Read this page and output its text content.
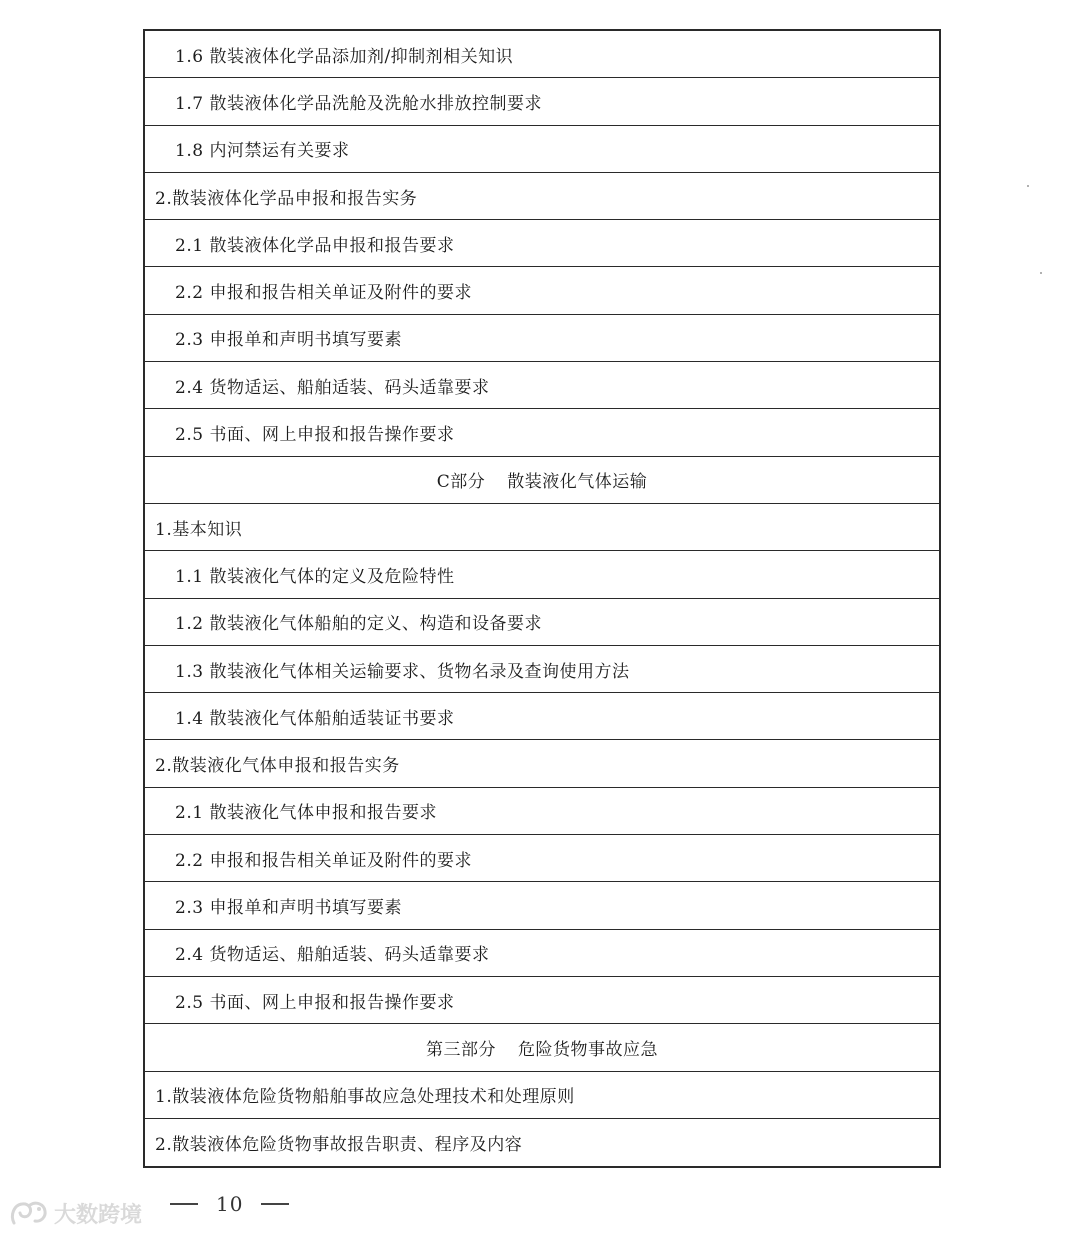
1.6 散装液体化学品添加剂/抑制剂相关知识
1.7 散装液体化学品洗舱及洗舱水排放控制要求
1.8 内河禁运有关要求
2.散装液体化学品申报和报告实务
2.1 散装液体化学品申报和报告要求
2.2 申报和报告相关单证及附件的要求
2.3 申报单和声明书填写要素
2.4 货物适运、船舶适装、码头适靠要求
2.5 书面、网上申报和报告操作要求
C部分 散装液化气体运输
1.基本知识
1.1 散装液化气体的定义及危险特性
1.2 散装液化气体船舶的定义、构造和设备要求
1.3 散装液化气体相关运输要求、货物名录及查询使用方法
1.4 散装液化气体船舶适装证书要求
2.散装液化气体申报和报告实务
2.1 散装液化气体申报和报告要求
2.2 申报和报告相关单证及附件的要求
2.3 申报单和声明书填写要素
2.4 货物适运、船舶适装、码头适靠要求
2.5 书面、网上申报和报告操作要求
第三部分 危险货物事故应急
1.散装液体危险货物船舶事故应急处理技术和处理原则
2.散装液体危险货物事故报告职责、程序及内容
大数跨境	10
